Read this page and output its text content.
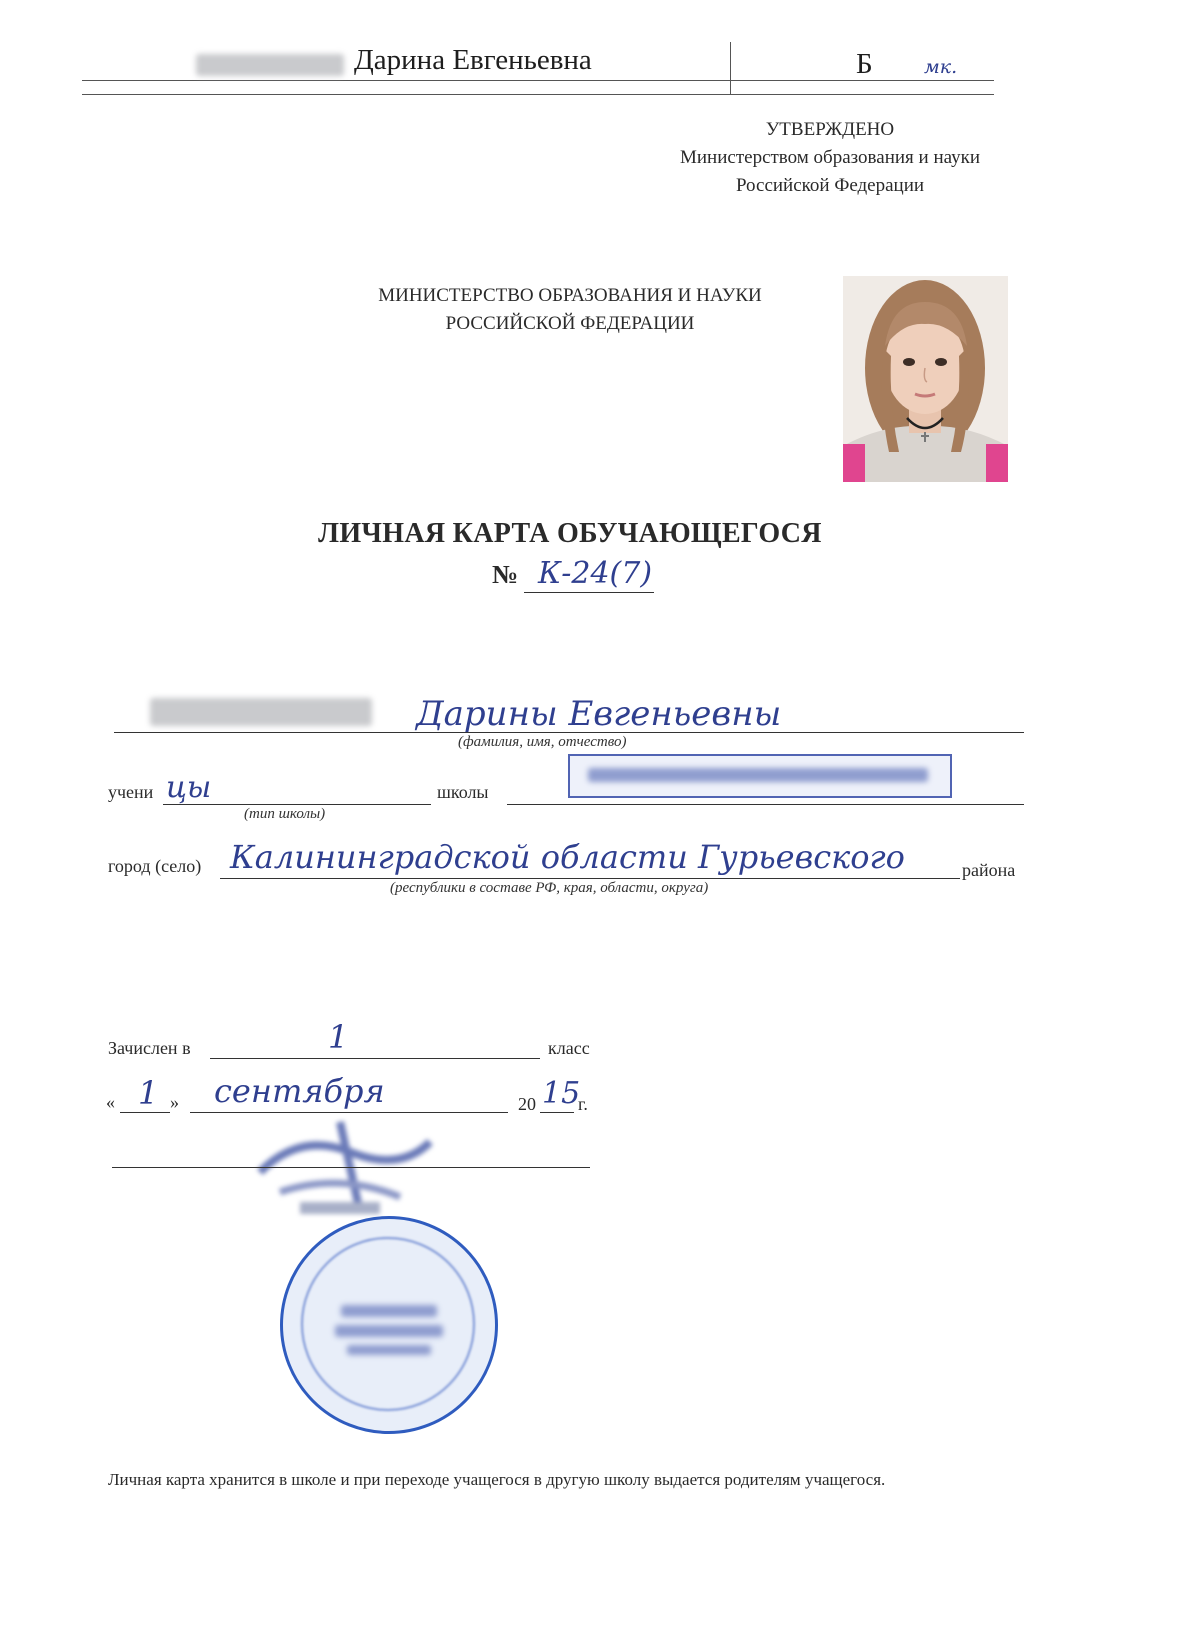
Дарина Евгеньевна	Б	мк.
УТВЕРЖДЕНО
Министерством образования и науки
Российской Федерации
МИНИСТЕРСТВО ОБРАЗОВАНИЯ И НАУКИ
РОССИЙСКОЙ ФЕДЕРАЦИИ
ЛИЧНАЯ КАРТА ОБУЧАЮЩЕГОСЯ
№ К-24(7)
Дарины Евгеньевны
(фамилия, имя, отчество)
учени цы
(тип школы)
школы
город (село) Калининградской области Гурьевского	района
(республики в составе РФ, края, области, округа)
Зачислен в	1	класс
« 1 » сентября	20 15
г.
Личная карта хранится в школе и при переходе учащегося в другую школу выдается родителям учащегося.
